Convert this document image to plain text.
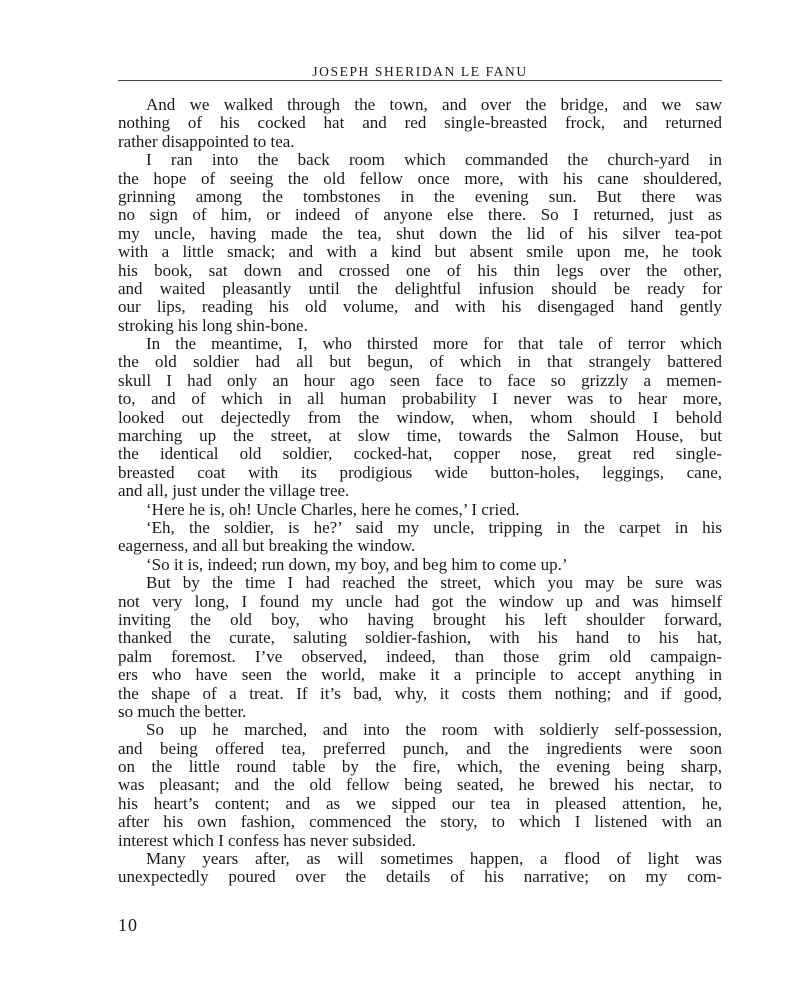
JOSEPH SHERIDAN LE FANU
And we walked through the town, and over the bridge, and we saw
nothing of his cocked hat and red single-breasted frock, and returned
rather disappointed to tea.
I ran into the back room which commanded the church-yard in
the hope of seeing the old fellow once more, with his cane shouldered,
grinning among the tombstones in the evening sun. But there was
no sign of him, or indeed of anyone else there. So I returned, just as
my uncle, having made the tea, shut down the lid of his silver tea-pot
with a little smack; and with a kind but absent smile upon me, he took
his book, sat down and crossed one of his thin legs over the other,
and waited pleasantly until the delightful infusion should be ready for
our lips, reading his old volume, and with his disengaged hand gently
stroking his long shin-bone.
In the meantime, I, who thirsted more for that tale of terror which
the old soldier had all but begun, of which in that strangely battered
skull I had only an hour ago seen face to face so grizzly a memen-
to, and of which in all human probability I never was to hear more,
looked out dejectedly from the window, when, whom should I behold
marching up the street, at slow time, towards the Salmon House, but
the identical old soldier, cocked-hat, copper nose, great red single-
breasted coat with its prodigious wide button-holes, leggings, cane,
and all, just under the village tree.
‘Here he is, oh! Uncle Charles, here he comes,’ I cried.
‘Eh, the soldier, is he?’ said my uncle, tripping in the carpet in his
eagerness, and all but breaking the window.
‘So it is, indeed; run down, my boy, and beg him to come up.’
But by the time I had reached the street, which you may be sure was
not very long, I found my uncle had got the window up and was himself
inviting the old boy, who having brought his left shoulder forward,
thanked the curate, saluting soldier-fashion, with his hand to his hat,
palm foremost. I’ve observed, indeed, than those grim old campaign-
ers who have seen the world, make it a principle to accept anything in
the shape of a treat. If it’s bad, why, it costs them nothing; and if good,
so much the better.
So up he marched, and into the room with soldierly self-possession,
and being offered tea, preferred punch, and the ingredients were soon
on the little round table by the fire, which, the evening being sharp,
was pleasant; and the old fellow being seated, he brewed his nectar, to
his heart’s content; and as we sipped our tea in pleased attention, he,
after his own fashion, commenced the story, to which I listened with an
interest which I confess has never subsided.
Many years after, as will sometimes happen, a flood of light was
unexpectedly poured over the details of his narrative; on my com-
10
